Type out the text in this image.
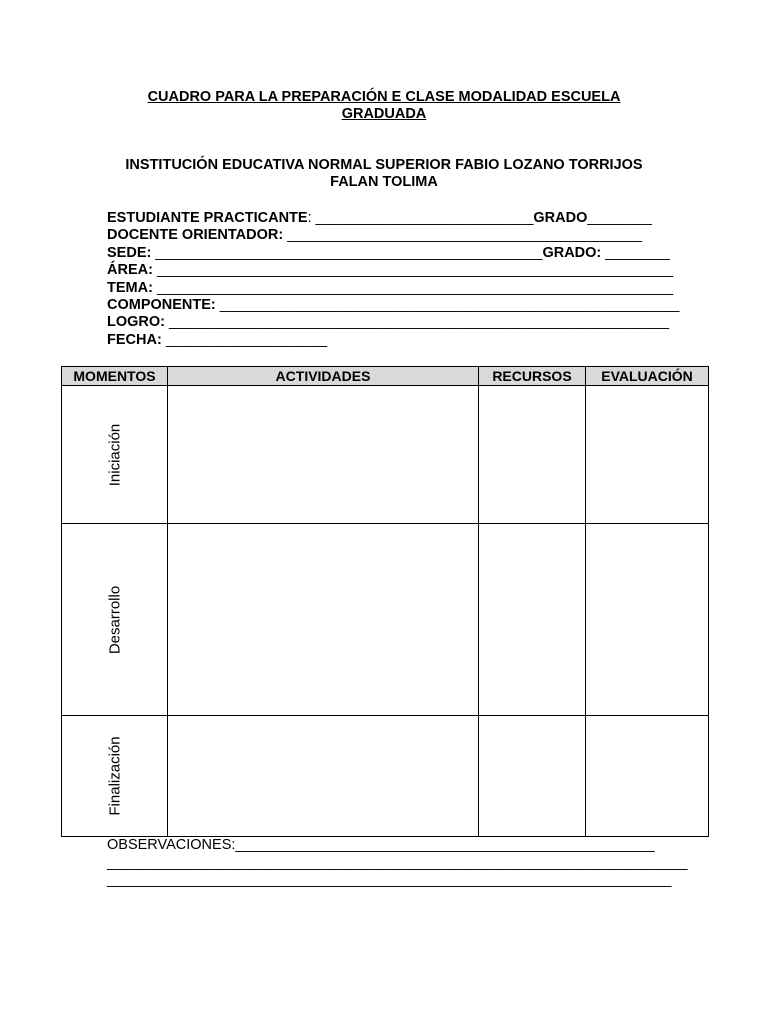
CUADRO PARA LA PREPARACIÓN E CLASE MODALIDAD ESCUELA
GRADUADA
INSTITUCIÓN EDUCATIVA NORMAL SUPERIOR FABIO LOZANO TORRIJOS
FALAN TOLIMA
ESTUDIANTE PRACTICANTE: ___________________________GRADO________
DOCENTE ORIENTADOR: ____________________________________________
SEDE: ________________________________________________GRADO: ________
ÁREA: ________________________________________________________________
TEMA: ________________________________________________________________
COMPONENTE: _________________________________________________________
LOGRO: ______________________________________________________________
FECHA: ____________________
MOMENTOS	ACTIVIDADES	RECURSOS	EVALUACIÓN

Iniciación			

Desarrollo			

Finalización			

OBSERVACIONES:____________________________________________________
________________________________________________________________________
______________________________________________________________________
